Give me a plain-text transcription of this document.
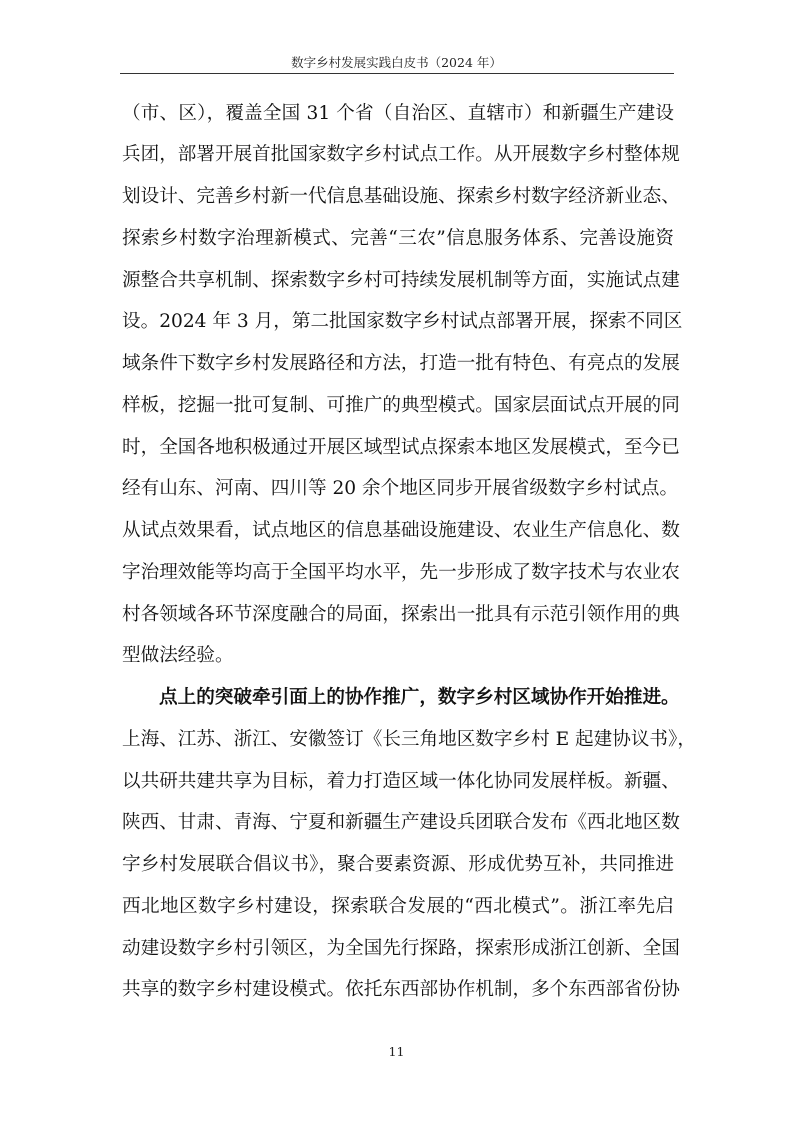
数字乡村发展实践白皮书（2024 年）
（市、区），覆盖全国 31 个省（自治区、直辖市）和新疆生产建设
兵团，部署开展首批国家数字乡村试点工作。从开展数字乡村整体规
划设计、完善乡村新一代信息基础设施、探索乡村数字经济新业态、
探索乡村数字治理新模式、完善“三农”信息服务体系、完善设施资
源整合共享机制、探索数字乡村可持续发展机制等方面，实施试点建
设。2024 年 3 月，第二批国家数字乡村试点部署开展，探索不同区
域条件下数字乡村发展路径和方法，打造一批有特色、有亮点的发展
样板，挖掘一批可复制、可推广的典型模式。国家层面试点开展的同
时，全国各地积极通过开展区域型试点探索本地区发展模式，至今已
经有山东、河南、四川等 20 余个地区同步开展省级数字乡村试点。
从试点效果看，试点地区的信息基础设施建设、农业生产信息化、数
字治理效能等均高于全国平均水平，先一步形成了数字技术与农业农
村各领域各环节深度融合的局面，探索出一批具有示范引领作用的典
型做法经验。
点上的突破牵引面上的协作推广，数字乡村区域协作开始推进。
上海、江苏、浙江、安徽签订《长三角地区数字乡村 E 起建协议书》，
以共研共建共享为目标，着力打造区域一体化协同发展样板。新疆、
陕西、甘肃、青海、宁夏和新疆生产建设兵团联合发布《西北地区数
字乡村发展联合倡议书》，聚合要素资源、形成优势互补，共同推进
西北地区数字乡村建设，探索联合发展的“西北模式”。浙江率先启
动建设数字乡村引领区，为全国先行探路，探索形成浙江创新、全国
共享的数字乡村建设模式。依托东西部协作机制，多个东西部省份协
11
